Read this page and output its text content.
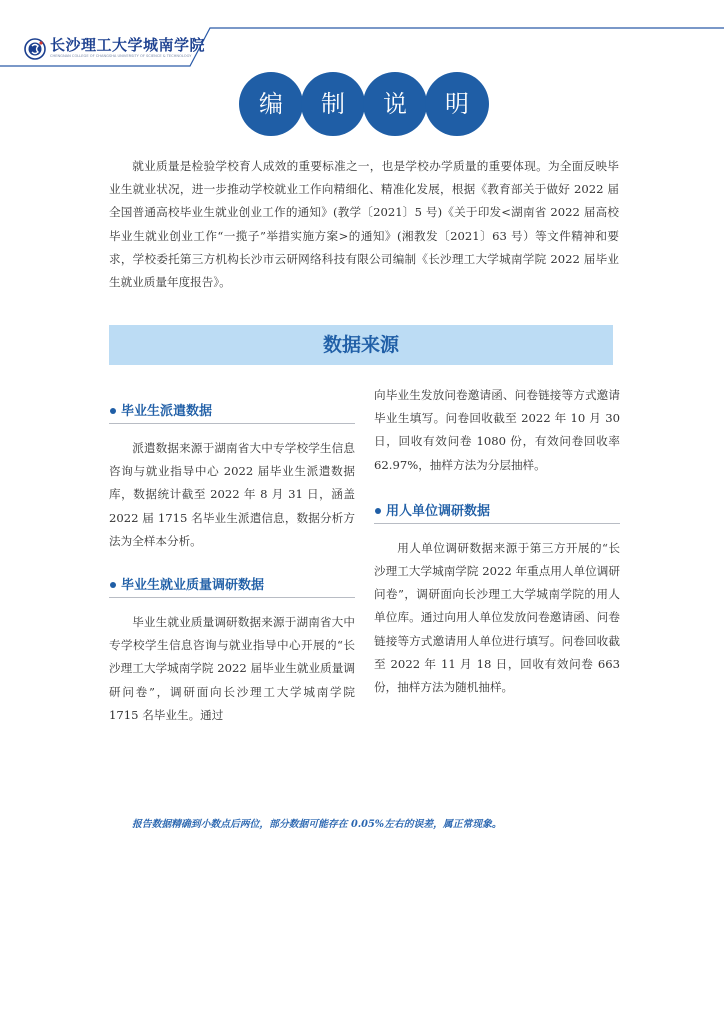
长沙理工大学城南学院
CHENGNAN COLLEGE OF CHANGSHA UNIVERSITY OF SCIENCE & TECHNOLOGY
编	制	说	明

就业质量是检验学校育人成效的重要标准之一，也是学校办学质量的重要体现。为全面反映毕业生就业状况，进一步推动学校就业工作向精细化、精准化发展，根据《教育部关于做好 2022 届全国普通高校毕业生就业创业工作的通知》(教学〔2021〕5 号)《关于印发<湖南省 2022 届高校毕业生就业创业工作“一揽子”举措实施方案>的通知》(湘教发〔2021〕63 号）等文件精神和要求，学校委托第三方机构长沙市云研网络科技有限公司编制《长沙理工大学城南学院 2022 届毕业生就业质量年度报告》。

数据来源
毕业生派遣数据

派遣数据来源于湖南省大中专学校学生信息咨询与就业指导中心 2022 届毕业生派遣数据库，数据统计截至 2022 年 8 月 31 日，涵盖 2022 届 1715 名毕业生派遣信息，数据分析方法为全样本分析。

毕业生就业质量调研数据

毕业生就业质量调研数据来源于湖南省大中专学校学生信息咨询与就业指导中心开展的“长沙理工大学城南学院 2022 届毕业生就业质量调研问卷”，调研面向长沙理工大学城南学院 1715 名毕业生。通过

向毕业生发放问卷邀请函、问卷链接等方式邀请毕业生填写。问卷回收截至 2022 年 10 月 30 日，回收有效问卷 1080 份，有效问卷回收率 62.97%，抽样方法为分层抽样。

用人单位调研数据

用人单位调研数据来源于第三方开展的“长沙理工大学城南学院 2022 年重点用人单位调研问卷”，调研面向长沙理工大学城南学院的用人单位库。通过向用人单位发放问卷邀请函、问卷链接等方式邀请用人单位进行填写。问卷回收截至 2022 年 11 月 18 日，回收有效问卷 663 份，抽样方法为随机抽样。

报告数据精确到小数点后两位，部分数据可能存在 0.05%左右的误差，属正常现象。
